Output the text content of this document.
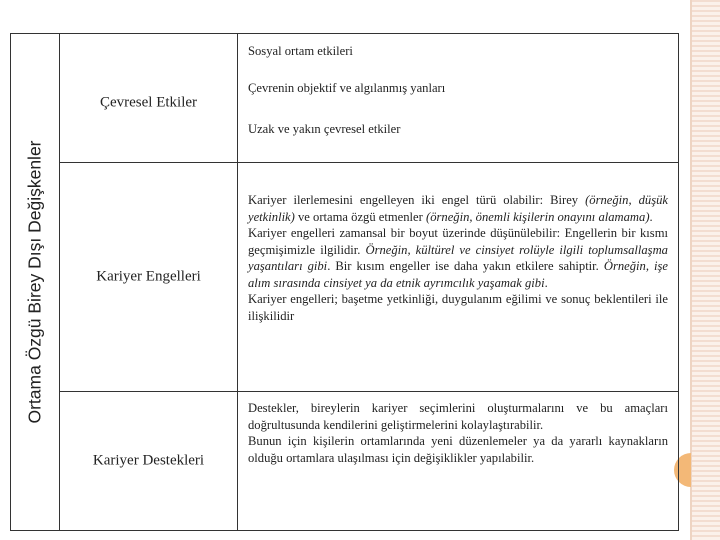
Ortama Özgü Birey Dışı Değişkenler
Çevresel Etkiler

Sosyal ortam etkileri

Çevrenin objektif ve algılanmış yanları

Uzak ve yakın çevresel etkiler

Kariyer Engelleri

Kariyer ilerlemesini engelleyen iki engel türü olabilir: Birey (örneğin, düşük yetkinlik) ve ortama özgü etmenler (örneğin, önemli kişilerin onayını alamama).

Kariyer engelleri zamansal bir boyut üzerinde düşünülebilir: Engellerin bir kısmı geçmişimizle ilgilidir. Örneğin, kültürel ve cinsiyet rolüyle ilgili toplumsallaşma yaşantıları gibi. Bir kısım engeller ise daha yakın etkilere sahiptir. Örneğin, işe alım sırasında cinsiyet ya da etnik ayrımcılık yaşamak gibi.

Kariyer engelleri; başetme yetkinliği, duygulanım eğilimi ve sonuç beklentileri ile ilişkilidir

Kariyer Destekleri

Destekler, bireylerin kariyer seçimlerini oluşturmalarını ve bu amaçları doğrultusunda kendilerini geliştirmelerini kolaylaştırabilir.

Bunun için kişilerin ortamlarında yeni düzenlemeler ya da yararlı kaynakların olduğu ortamlara ulaşılması için değişiklikler yapılabilir.
